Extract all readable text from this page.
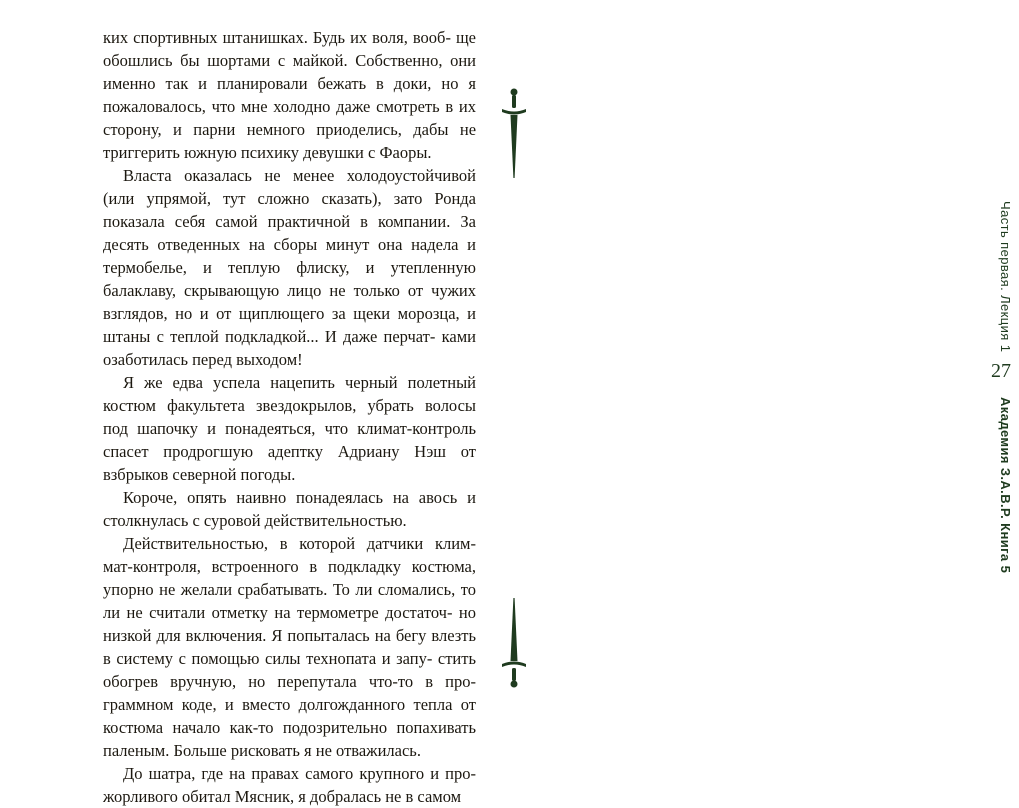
ких спортивных штанишках. Будь их воля, вооб- ще обошлись бы шортами с майкой. Собственно, они именно так и планировали бежать в доки, но я пожаловалось, что мне холодно даже смотреть в их сторону, и парни немного приоделись, дабы не триггерить южную психику девушки с Фаоры.

Власта оказалась не менее холодоустойчивой (или упрямой, тут сложно сказать), зато Ронда показала себя самой практичной в компании. За десять отведенных на сборы минут она надела и термобелье, и теплую флиску, и утепленную балаклаву, скрывающую лицо не только от чужих взглядов, но и от щиплющего за щеки морозца, и штаны с теплой подкладкой... И даже перчат- ками озаботилась перед выходом!

Я же едва успела нацепить черный полетный костюм факультета звездокрылов, убрать волосы под шапочку и понадеяться, что климат-контроль спасет продрогшую адептку Адриану Нэш от взбрыков северной погоды.

Короче, опять наивно понадеялась на авось и столкнулась с суровой действительностью.

Действительностью, в которой датчики клим- мат-контроля, встроенного в подкладку костюма, упорно не желали срабатывать. То ли сломались, то ли не считали отметку на термометре достаточ- но низкой для включения. Я попыталась на бегу влезть в систему с помощью силы технопата и запу- стить обогрев вручную, но перепутала что-то в про- граммном коде, и вместо долгожданного тепла от костюма начало как-то подозрительно попахивать паленым. Больше рисковать я не отважилась.

До шатра, где на правах самого крупного и про- жорливого обитал Мясник, я добралась не в самом

Часть первая. Лекция 1
27
Академия З.А.В.Р. Книга 5
